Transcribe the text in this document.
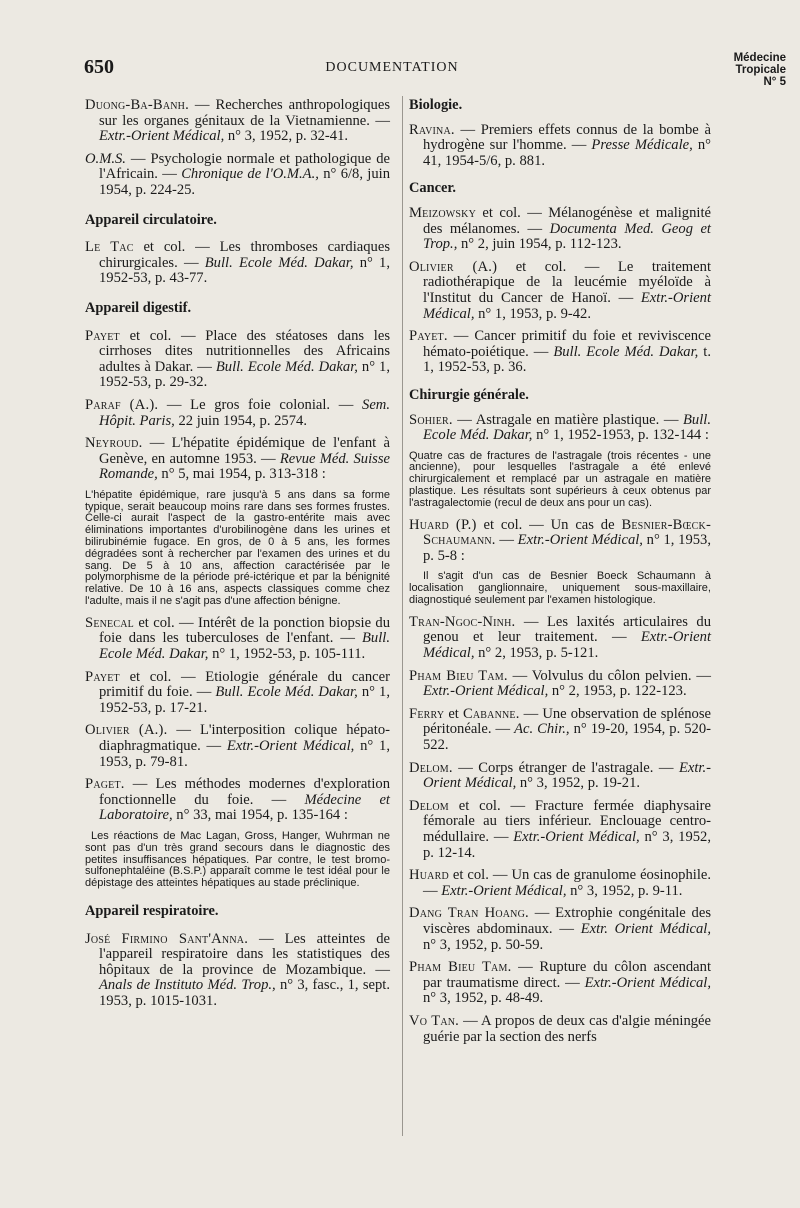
650	DOCUMENTATION
Médecine
Tropicale
N° 5

Duong-Ba-Banh. — Recherches anthropologiques sur les organes génitaux de la Vietnamienne. — Extr.-Orient Médical, n° 3, 1952, p. 32-41.

O.M.S. — Psychologie normale et pathologique de l'Africain. — Chronique de l'O.M.A., n° 6/8, juin 1954, p. 224-25.

Appareil circulatoire.

Le Tac et col. — Les thromboses cardiaques chirurgicales. — Bull. Ecole Méd. Dakar, n° 1, 1952-53, p. 43-77.

Appareil digestif.

Payet et col. — Place des stéatoses dans les cirrhoses dites nutritionnelles des Africains adultes à Dakar. — Bull. Ecole Méd. Dakar, n° 1, 1952-53, p. 29-32.

Paraf (A.). — Le gros foie colonial. — Sem. Hôpit. Paris, 22 juin 1954, p. 2574.

Neyroud. — L'hépatite épidémique de l'enfant à Genève, en automne 1953. — Revue Méd. Suisse Romande, n° 5, mai 1954, p. 313-318 :

L'hépatite épidémique, rare jusqu'à 5 ans dans sa forme typique, serait beaucoup moins rare dans ses formes frustes. Celle-ci aurait l'aspect de la gastro-entérite mais avec éliminations importantes d'urobilinogène dans les urines et bilirubinémie fugace. En gros, de 0 à 5 ans, les formes dégradées sont à rechercher par l'examen des urines et du sang. De 5 à 10 ans, affection caractérisée par le polymorphisme de la période pré-ictérique et par la bénignité relative. De 10 à 16 ans, aspects classiques comme chez l'adulte, mais il ne s'agit pas d'une affection bénigne.

Senecal et col. — Intérêt de la ponction biopsie du foie dans les tuberculoses de l'enfant. — Bull. Ecole Méd. Dakar, n° 1, 1952-53, p. 105-111.

Payet et col. — Etiologie générale du cancer primitif du foie. — Bull. Ecole Méd. Dakar, n° 1, 1952-53, p. 17-21.

Olivier (A.). — L'interposition colique hépato-diaphragmatique. — Extr.-Orient Médical, n° 1, 1953, p. 79-81.

Paget. — Les méthodes modernes d'exploration fonctionnelle du foie. — Médecine et Laboratoire, n° 33, mai 1954, p. 135-164 :

Les réactions de Mac Lagan, Gross, Hanger, Wuhrman ne sont pas d'un très grand secours dans le diagnostic des petites insuffisances hépatiques. Par contre, le test bromo-sulfonephtaléine (B.S.P.) apparaît comme le test idéal pour le dépistage des atteintes hépatiques au stade préclinique.

Appareil respiratoire.

José Firmino Sant'Anna. — Les atteintes de l'appareil respiratoire dans les statistiques des hôpitaux de la province de Mozambique. — Anals de Instituto Méd. Trop., n° 3, fasc., 1, sept. 1953, p. 1015-1031.

Biologie.

Ravina. — Premiers effets connus de la bombe à hydrogène sur l'homme. — Presse Médicale, n° 41, 1954-5/6, p. 881.

Cancer.

Meizowsky et col. — Mélanogénèse et malignité des mélanomes. — Documenta Med. Geog et Trop., n° 2, juin 1954, p. 112-123.

Olivier (A.) et col. — Le traitement radiothérapique de la leucémie myéloïde à l'Institut du Cancer de Hanoï. — Extr.-Orient Médical, n° 1, 1953, p. 9-42.

Payet. — Cancer primitif du foie et reviviscence hémato-poiétique. — Bull. Ecole Méd. Dakar, t. 1, 1952-53, p. 36.

Chirurgie générale.

Sohier. — Astragale en matière plastique. — Bull. Ecole Méd. Dakar, n° 1, 1952-1953, p. 132-144 :

Quatre cas de fractures de l'astragale (trois récentes - une ancienne), pour lesquelles l'astragale a été enlevé chirurgicalement et remplacé par un astragale en matière plastique. Les résultats sont supérieurs à ceux obtenus par l'astragalectomie (recul de deux ans pour un cas).

Huard (P.) et col. — Un cas de Besnier-Bœck-Schaumann. — Extr.-Orient Médical, n° 1, 1953, p. 5-8 :

Il s'agit d'un cas de Besnier Boeck Schaumann à localisation ganglionnaire, uniquement sous-maxillaire, diagnostiqué seulement par l'examen histologique.

Tran-Ngoc-Ninh. — Les laxités articulaires du genou et leur traitement. — Extr.-Orient Médical, n° 2, 1953, p. 5-121.

Pham Bieu Tam. — Volvulus du côlon pelvien. — Extr.-Orient Médical, n° 2, 1953, p. 122-123.

Ferry et Cabanne. — Une observation de splénose péritonéale. — Ac. Chir., n° 19-20, 1954, p. 520-522.

Delom. — Corps étranger de l'astragale. — Extr.-Orient Médical, n° 3, 1952, p. 19-21.

Delom et col. — Fracture fermée diaphysaire fémorale au tiers inférieur. Enclouage centro-médullaire. — Extr.-Orient Médical, n° 3, 1952, p. 12-14.

Huard et col. — Un cas de granulome éosinophile. — Extr.-Orient Médical, n° 3, 1952, p. 9-11.

Dang Tran Hoang. — Extrophie congénitale des viscères abdominaux. — Extr. Orient Médical, n° 3, 1952, p. 50-59.

Pham Bieu Tam. — Rupture du côlon ascendant par traumatisme direct. — Extr.-Orient Médical, n° 3, 1952, p. 48-49.

Vo Tan. — A propos de deux cas d'algie méningée guérie par la section des nerfs
